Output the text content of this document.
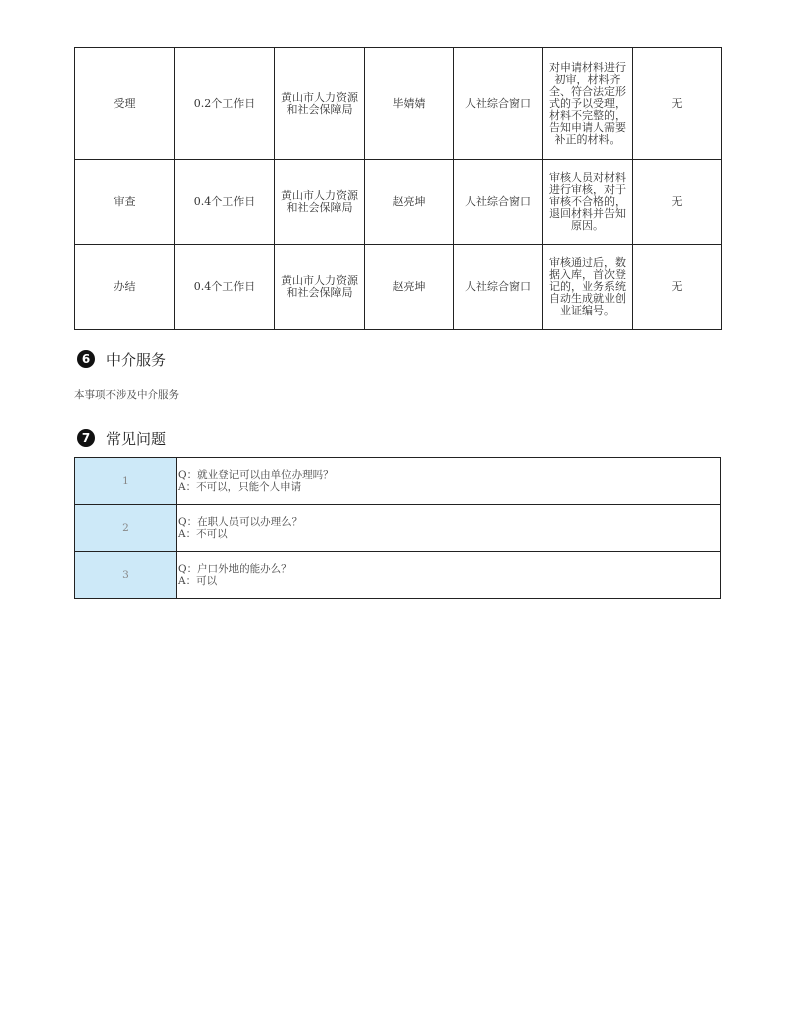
受理	0.2个工作日	黄山市人力资源和社会保障局	毕婧婧	人社综合窗口	对申请材料进行初审，材料齐全、符合法定形式的予以受理，材料不完整的，告知申请人需要补正的材料。	无
审查	0.4个工作日	黄山市人力资源和社会保障局	赵亮坤	人社综合窗口	审核人员对材料进行审核，对于审核不合格的，退回材料并告知原因。	无
办结	0.4个工作日	黄山市人力资源和社会保障局	赵亮坤	人社综合窗口	审核通过后，数据入库，首次登记的，业务系统自动生成就业创业证编号。	无
6	中介服务
本事项不涉及中介服务
7	常见问题
1	Q：就业登记可以由单位办理吗？
A：不可以，只能个人申请

2	Q：在职人员可以办理么？
A：不可以

3	Q：户口外地的能办么？
A：可以
